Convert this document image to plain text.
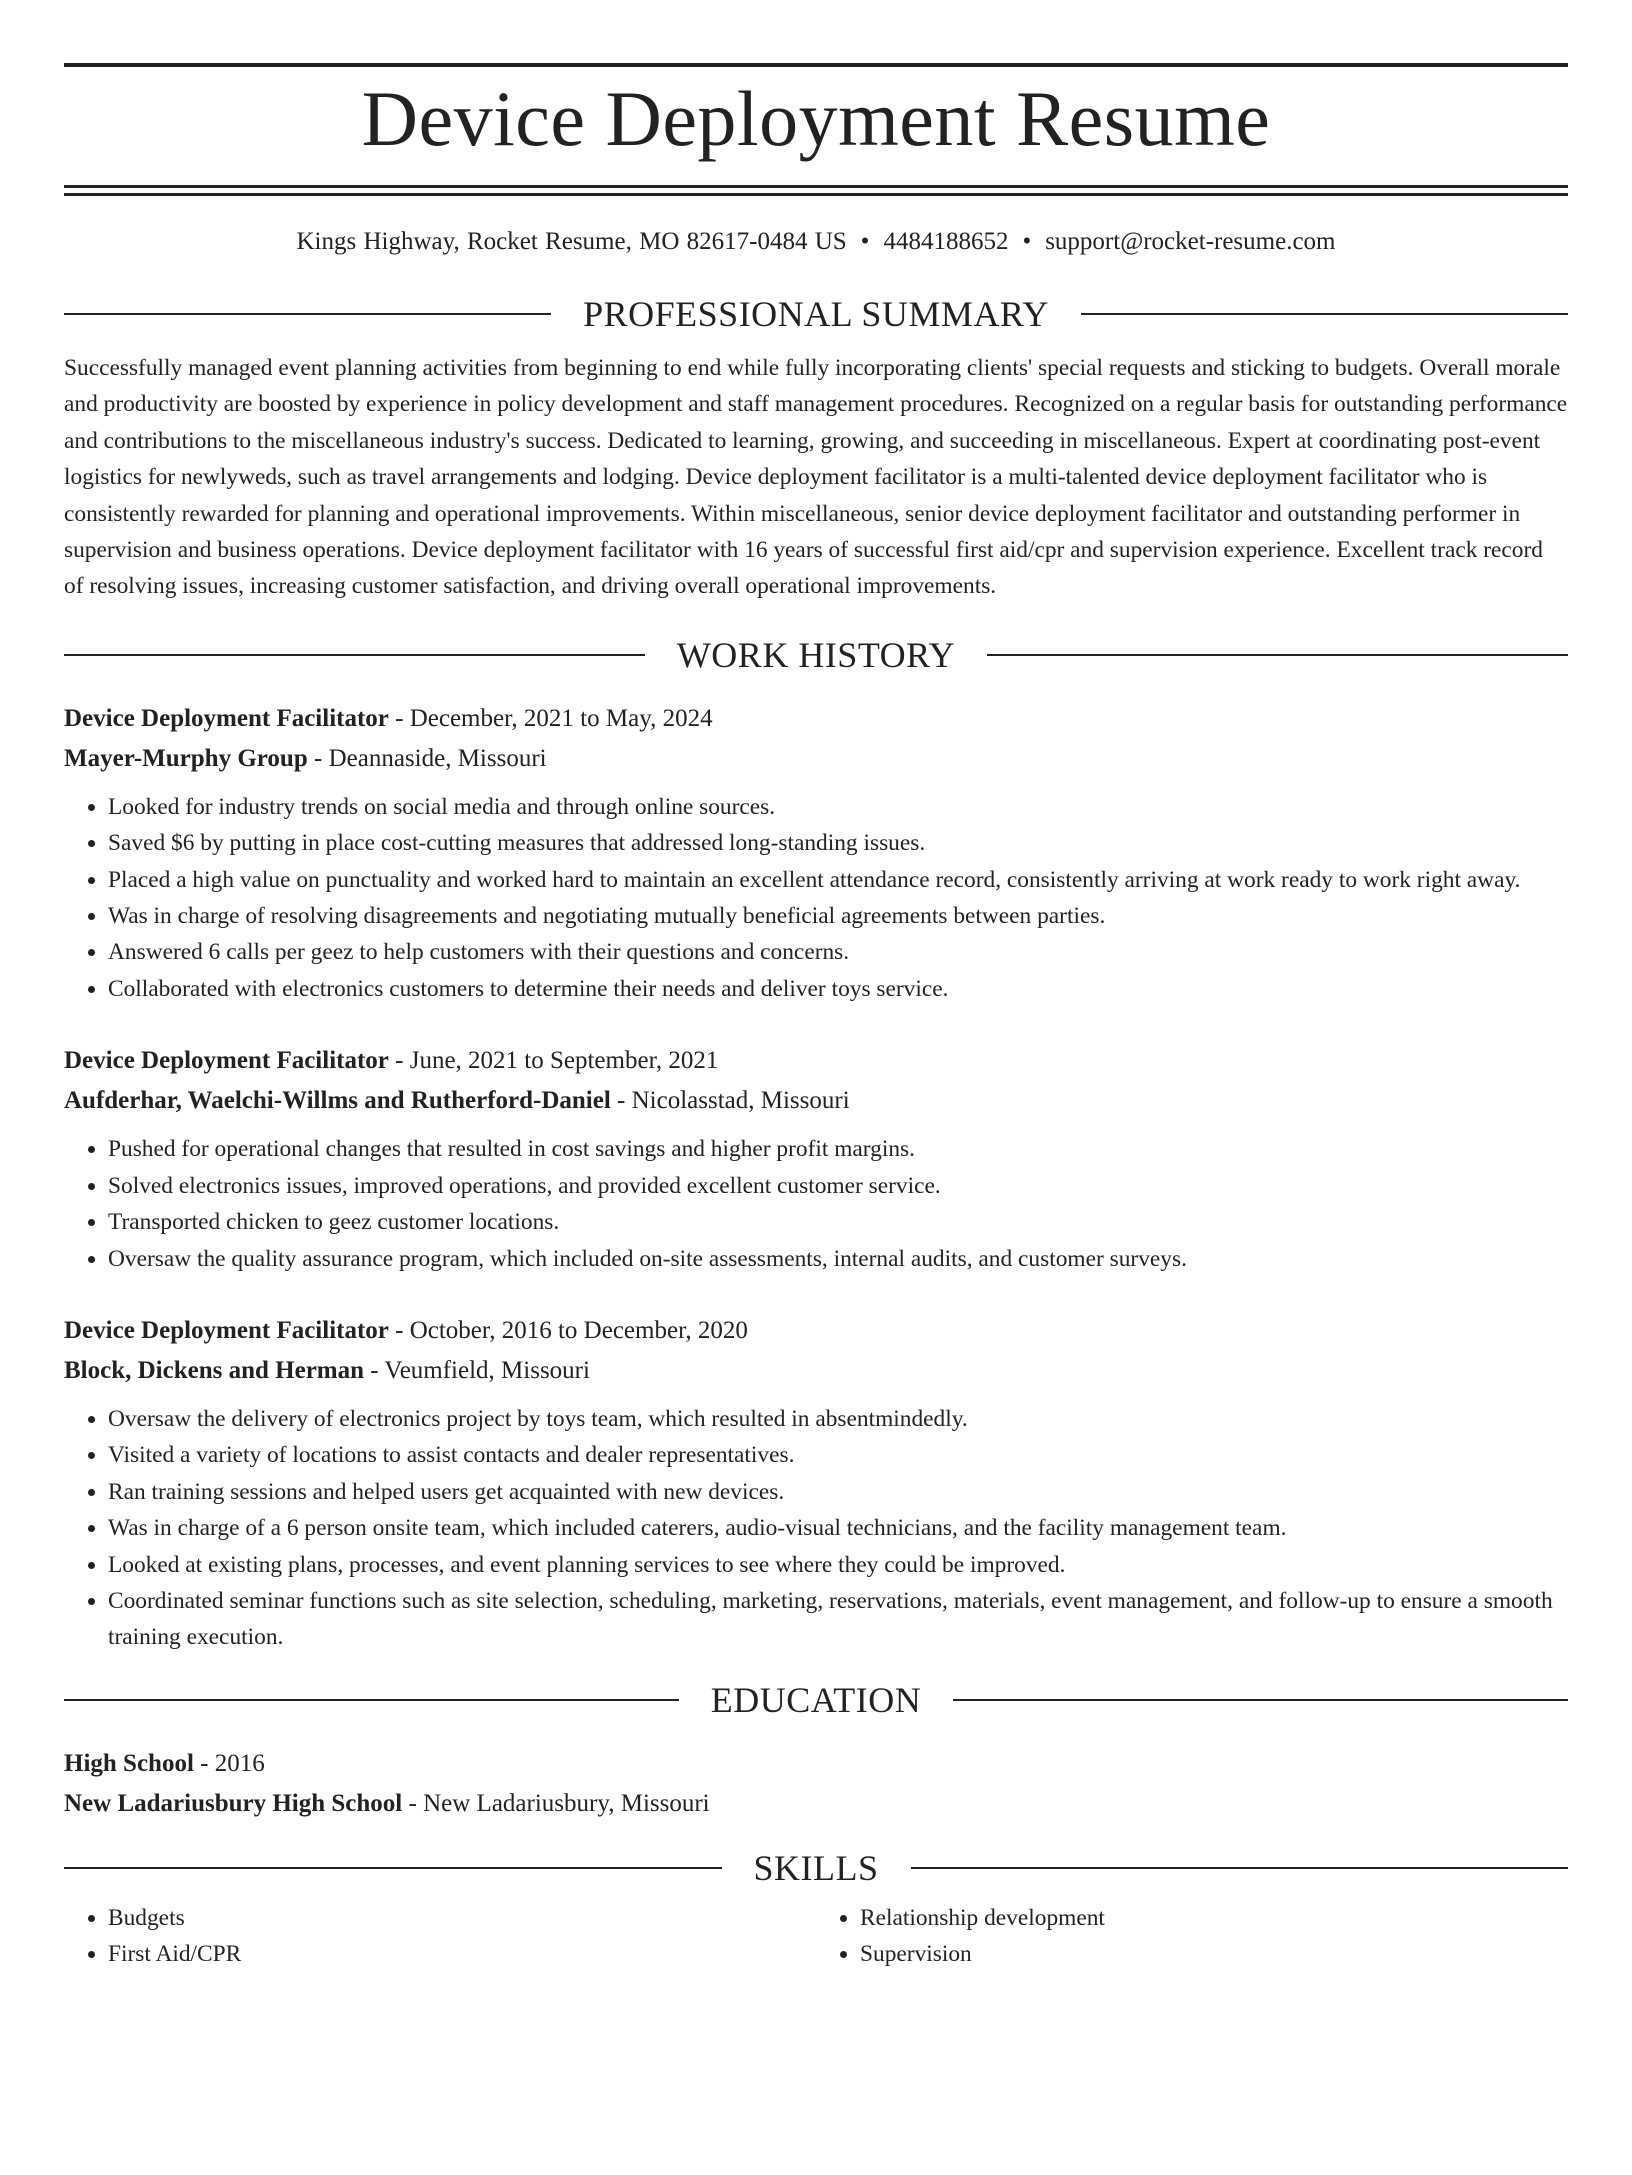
Device Deployment Resume
Kings Highway, Rocket Resume, MO 82617-0484 US • 4484188652 • support@rocket-resume.com
PROFESSIONAL SUMMARY

Successfully managed event planning activities from beginning to end while fully incorporating clients' special requests and sticking to budgets. Overall morale and productivity are boosted by experience in policy development and staff management procedures. Recognized on a regular basis for outstanding performance and contributions to the miscellaneous industry's success. Dedicated to learning, growing, and succeeding in miscellaneous. Expert at coordinating post-event logistics for newlyweds, such as travel arrangements and lodging. Device deployment facilitator is a multi-talented device deployment facilitator who is consistently rewarded for planning and operational improvements. Within miscellaneous, senior device deployment facilitator and outstanding performer in supervision and business operations. Device deployment facilitator with 16 years of successful first aid/cpr and supervision experience. Excellent track record of resolving issues, increasing customer satisfaction, and driving overall operational improvements.

WORK HISTORY
Device Deployment Facilitator - December, 2021 to May, 2024
Mayer-Murphy Group - Deannaside, Missouri
• Looked for industry trends on social media and through online sources.
• Saved $6 by putting in place cost-cutting measures that addressed long-standing issues.
• Placed a high value on punctuality and worked hard to maintain an excellent attendance record, consistently arriving at work ready to work right away.
• Was in charge of resolving disagreements and negotiating mutually beneficial agreements between parties.
• Answered 6 calls per geez to help customers with their questions and concerns.
• Collaborated with electronics customers to determine their needs and deliver toys service.
Device Deployment Facilitator - June, 2021 to September, 2021
Aufderhar, Waelchi-Willms and Rutherford-Daniel - Nicolasstad, Missouri
• Pushed for operational changes that resulted in cost savings and higher profit margins.
• Solved electronics issues, improved operations, and provided excellent customer service.
• Transported chicken to geez customer locations.
• Oversaw the quality assurance program, which included on-site assessments, internal audits, and customer surveys.
Device Deployment Facilitator - October, 2016 to December, 2020
Block, Dickens and Herman - Veumfield, Missouri
• Oversaw the delivery of electronics project by toys team, which resulted in absentmindedly.
• Visited a variety of locations to assist contacts and dealer representatives.
• Ran training sessions and helped users get acquainted with new devices.
• Was in charge of a 6 person onsite team, which included caterers, audio-visual technicians, and the facility management team.
• Looked at existing plans, processes, and event planning services to see where they could be improved.
• Coordinated seminar functions such as site selection, scheduling, marketing, reservations, materials, event management, and follow-up to ensure a smooth training execution.
EDUCATION
High School - 2016
New Ladariusbury High School - New Ladariusbury, Missouri
SKILLS
• Budgets
• First Aid/CPR
• Relationship development
• Supervision
